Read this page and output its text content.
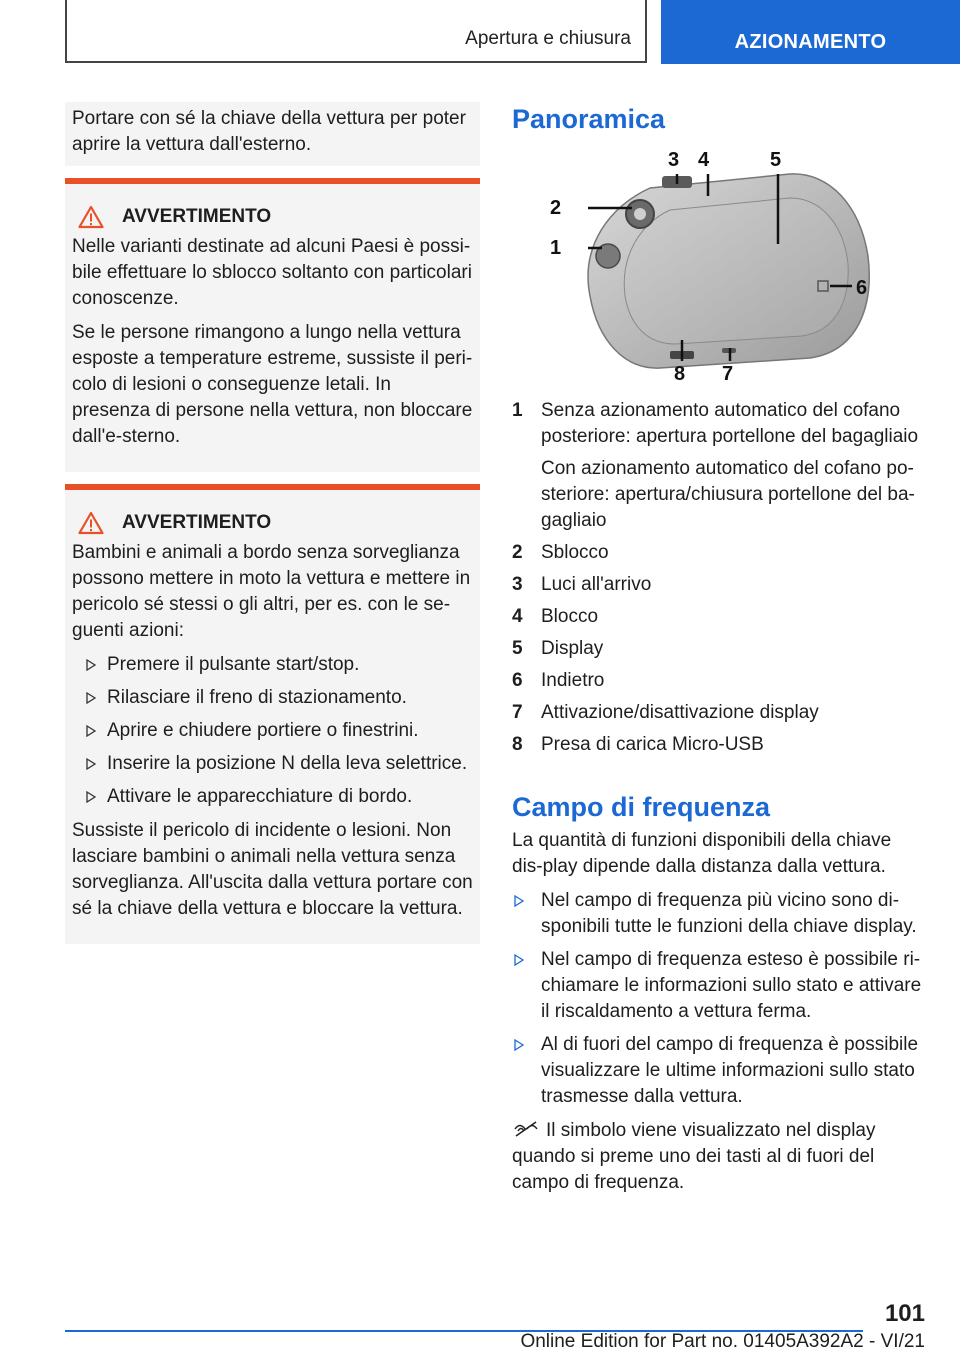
Apertura e chiusura	AZIONAMENTO
Portare con sé la chiave della vettura per poter aprire la vettura dall'esterno.
AVVERTIMENTO

Nelle varianti destinate ad alcuni Paesi è possi-bile effettuare lo sblocco soltanto con particolari conoscenze.

Se le persone rimangono a lungo nella vettura esposte a temperature estreme, sussiste il peri-colo di lesioni o conseguenze letali. In presenza di persone nella vettura, non bloccare dall'e-sterno.

AVVERTIMENTO

Bambini e animali a bordo senza sorveglianza possono mettere in moto la vettura e mettere in pericolo sé stessi o gli altri, per es. con le se-guenti azioni:

Premere il pulsante start/stop.
Rilasciare il freno di stazionamento.
Aprire e chiudere portiere o finestrini.
Inserire la posizione N della leva selettrice.
Attivare le apparecchiature di bordo.

Sussiste il pericolo di incidente o lesioni. Non lasciare bambini o animali nella vettura senza sorveglianza. All'uscita dalla vettura portare con sé la chiave della vettura e bloccare la vettura.

Panoramica
1
2
3 4	5
6
7
8
1 Senza azionamento automatico del cofano posteriore: apertura portellone del bagagliaio

Con azionamento automatico del cofano po-steriore: apertura/chiusura portellone del ba-gagliaio

2 Sblocco
3 Luci all'arrivo
4 Blocco
5 Display
6 Indietro
7 Attivazione/disattivazione display
8 Presa di carica Micro-USB
Campo di frequenza

La quantità di funzioni disponibili della chiave dis-play dipende dalla distanza dalla vettura.

Nel campo di frequenza più vicino sono di-sponibili tutte le funzioni della chiave display.
Nel campo di frequenza esteso è possibile ri-chiamare le informazioni sullo stato e attivare il riscaldamento a vettura ferma.
Al di fuori del campo di frequenza è possibile visualizzare le ultime informazioni sullo stato trasmesse dalla vettura.
Il simbolo viene visualizzato nel display quando si preme uno dei tasti al di fuori del campo di frequenza.
101
Online Edition for Part no. 01405A392A2 - VI/21
